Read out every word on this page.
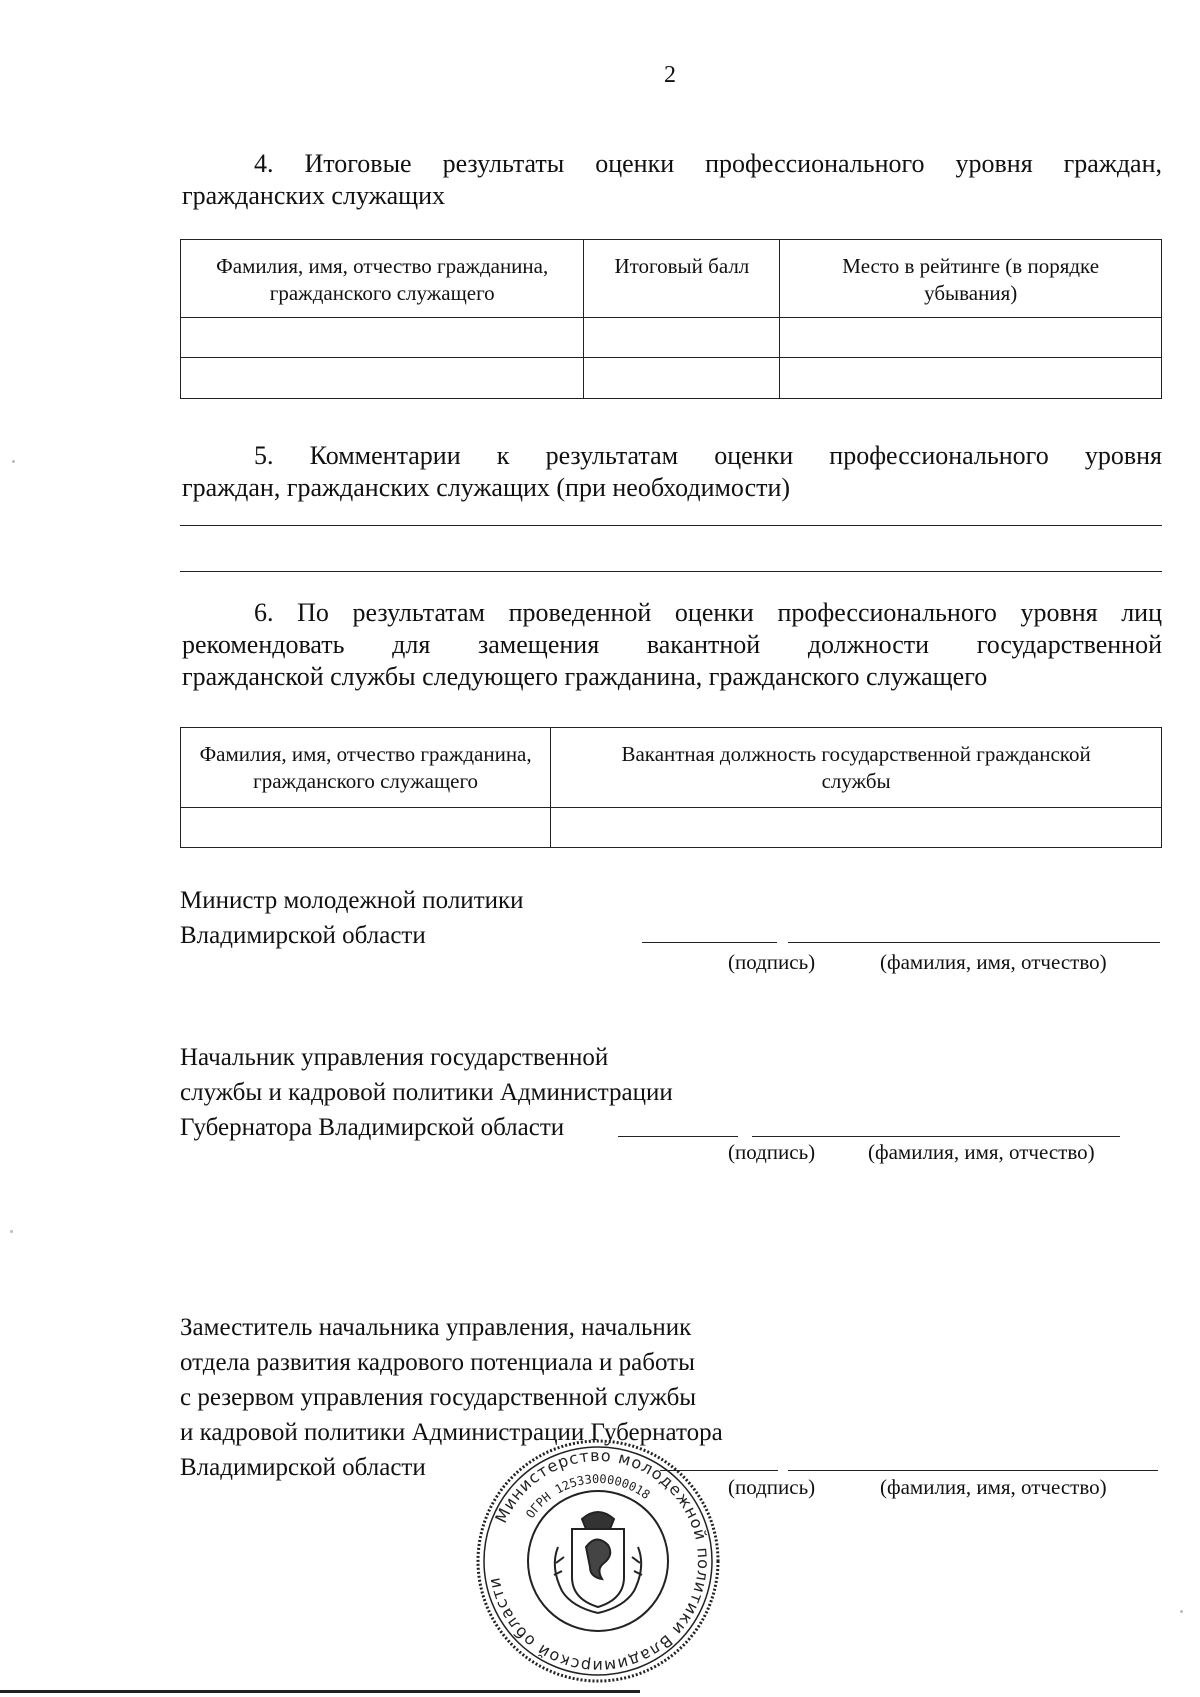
2
4. Итоговые результаты оценки профессионального уровня граждан,
гражданских служащих
Фамилия, имя, отчество гражданина, гражданского служащего	Итоговый балл	Место в рейтинге (в порядке убывания)

5. Комментарии к результатам оценки профессионального уровня
граждан, гражданских служащих (при необходимости)
6. По результатам проведенной оценки профессионального уровня лиц
рекомендовать для замещения вакантной должности государственной
гражданской службы следующего гражданина, гражданского служащего
Фамилия, имя, отчество гражданина, гражданского служащего	Вакантная должность государственной гражданской службы

Министр молодежной политики
Владимирской области
(подпись)	(фамилия, имя, отчество)
Начальник управления государственной
службы и кадровой политики Администрации
Губернатора Владимирской области
(подпись)	(фамилия, имя, отчество)
Заместитель начальника управления, начальник
отдела развития кадрового потенциала и работы
с резервом управления государственной службы
и кадровой политики Администрации Губернатора
Владимирской области
(подпись)	(фамилия, имя, отчество)
Министерство молодежной политики Владимирской области
ОГРН 1253300000018
